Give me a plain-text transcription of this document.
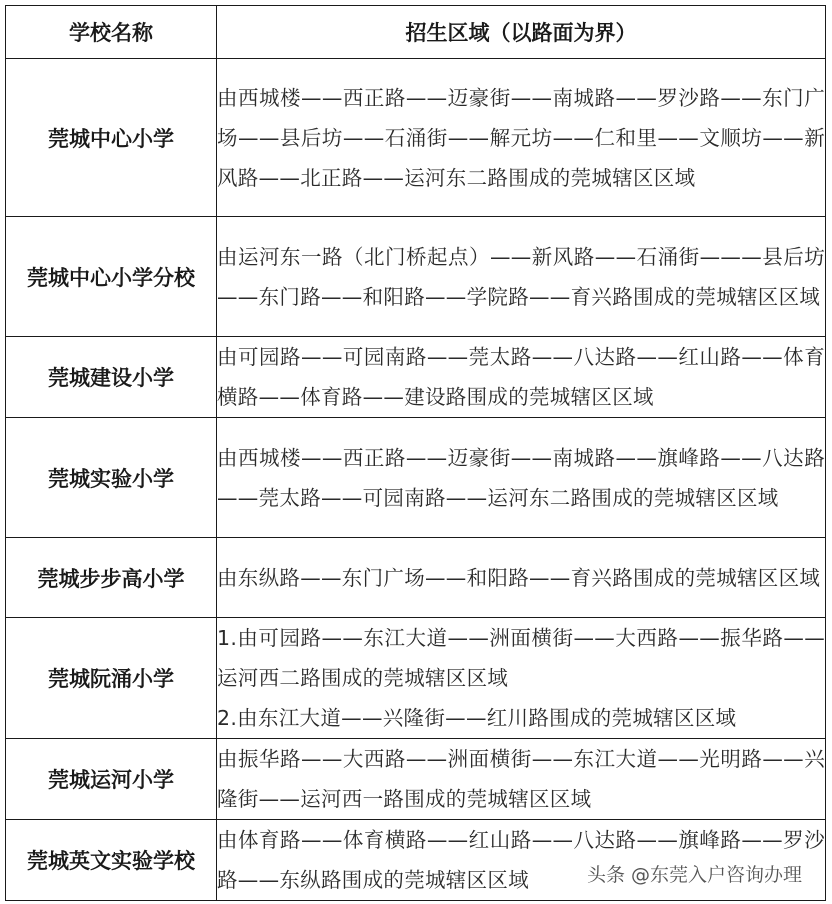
学校名称	招生区域（以路面为界）
莞城中心小学	由西城楼——西正路——迈豪街——南城路——罗沙路——东门广场——县后坊——石涌街——解元坊——仁和里——文顺坊——新风路——北正路——运河东二路围成的莞城辖区区域

莞城中心小学分校	由运河东一路（北门桥起点）——新风路——石涌街———县后坊——东门路——和阳路——学院路——育兴路围成的莞城辖区区域

莞城建设小学	由可园路——可园南路——莞太路——八达路——红山路——体育横路——体育路——建设路围成的莞城辖区区域

莞城实验小学	由西城楼——西正路——迈豪街——南城路——旗峰路——八达路——莞太路——可园南路——运河东二路围成的莞城辖区区域

莞城步步高小学	由东纵路——东门广场——和阳路——育兴路围成的莞城辖区区域

莞城阮涌小学	1.由可园路——东江大道——洲面横街——大西路——振华路——运河西二路围成的莞城辖区区域
2.由东江大道——兴隆街——红川路围成的莞城辖区区域

莞城运河小学	由振华路——大西路——洲面横街——东江大道——光明路——兴隆街——运河西一路围成的莞城辖区区域

莞城英文实验学校	由体育路——体育横路——红山路——八达路——旗峰路——罗沙路——东纵路围成的莞城辖区区域	头条 @东莞入户咨询办理
